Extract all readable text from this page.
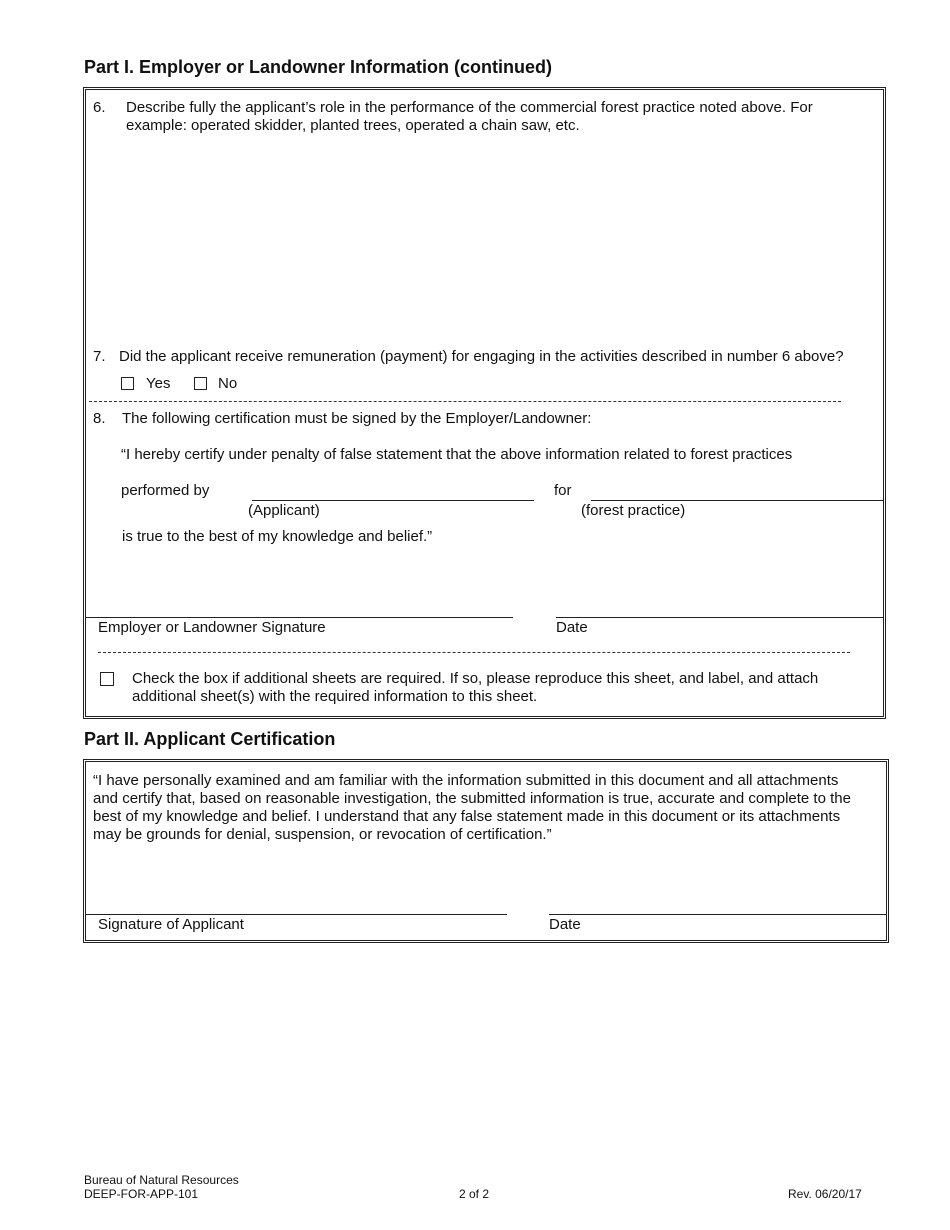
Part I. Employer or Landowner Information (continued)
6. Describe fully the applicant’s role in the performance of the commercial forest practice noted above. For
example: operated skidder, planted trees, operated a chain saw, etc.
7. Did the applicant receive remuneration (payment) for engaging in the activities described in number 6 above?
Yes	No
8. The following certification must be signed by the Employer/Landowner:
“I hereby certify under penalty of false statement that the above information related to forest practices
performed by
(Applicant)
for
(forest practice)
is true to the best of my knowledge and belief.”
Employer or Landowner Signature	Date
Check the box if additional sheets are required. If so, please reproduce this sheet, and label, and attach
additional sheet(s) with the required information to this sheet.
Part II. Applicant Certification
“I have personally examined and am familiar with the information submitted in this document and all attachments
and certify that, based on reasonable investigation, the submitted information is true, accurate and complete to the
best of my knowledge and belief. I understand that any false statement made in this document or its attachments
may be grounds for denial, suspension, or revocation of certification.”
Signature of Applicant	Date
Bureau of Natural Resources
DEEP-FOR-APP-101	2 of 2	Rev. 06/20/17
